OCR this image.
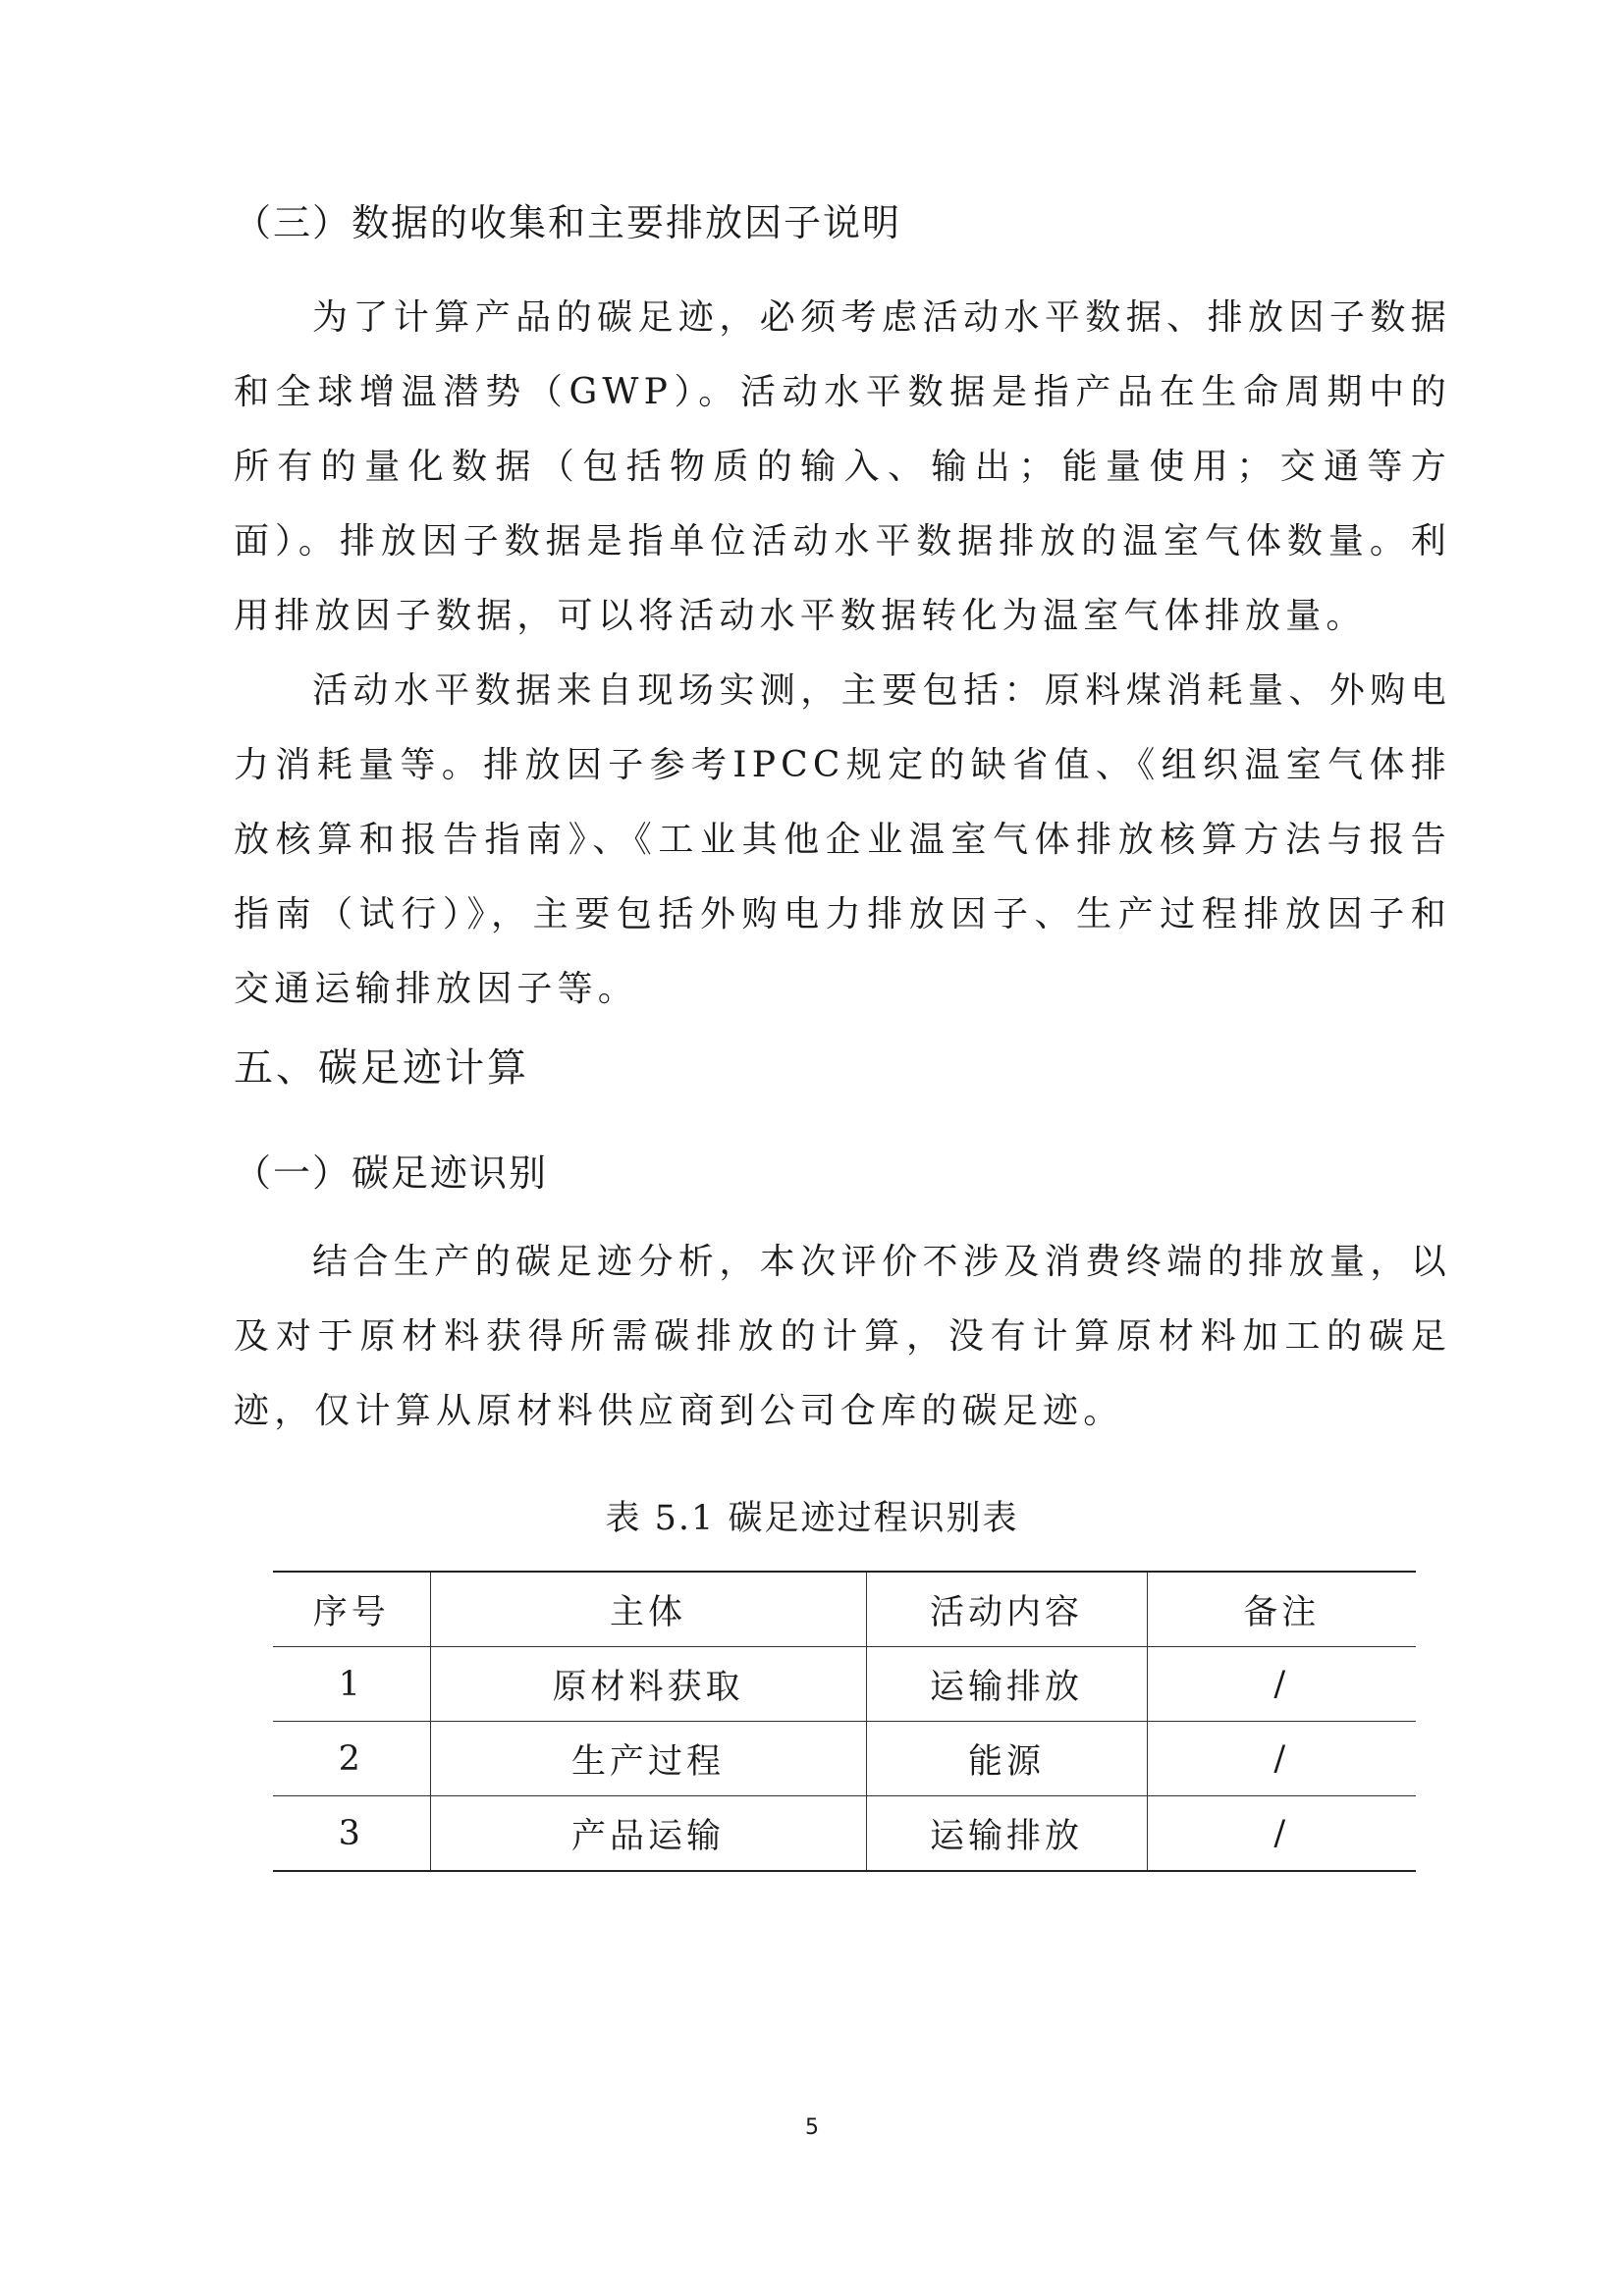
（三）数据的收集和主要排放因子说明

为了计算产品的碳足迹，必须考虑活动水平数据、排放因子数据和全球增温潜势（GWP）。活动水平数据是指产品在生命周期中的所有的量化数据（包括物质的输入、输出；能量使用；交通等方面）。排放因子数据是指单位活动水平数据排放的温室气体数量。利用排放因子数据，可以将活动水平数据转化为温室气体排放量。

活动水平数据来自现场实测，主要包括：原料煤消耗量、外购电力消耗量等。排放因子参考IPCC规定的缺省值、《组织温室气体排放核算和报告指南》、《工业其他企业温室气体排放核算方法与报告指南（试行）》，主要包括外购电力排放因子、生产过程排放因子和交通运输排放因子等。

五、碳足迹计算
（一）碳足迹识别

结合生产的碳足迹分析，本次评价不涉及消费终端的排放量，以及对于原材料获得所需碳排放的计算，没有计算原材料加工的碳足迹，仅计算从原材料供应商到公司仓库的碳足迹。

表 5.1 碳足迹过程识别表
序号	主体	活动内容	备注
1	原材料获取	运输排放	/
2	生产过程	能源	/
3	产品运输	运输排放	/
5
